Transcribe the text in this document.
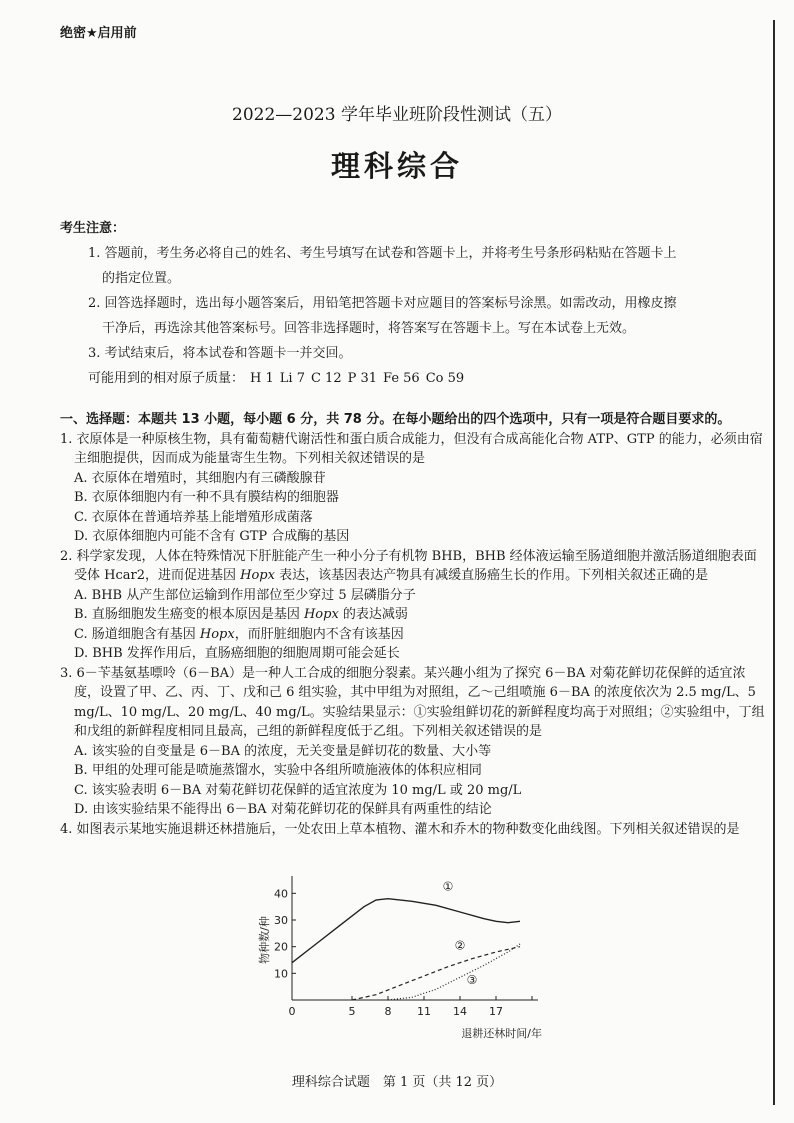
绝密★启用前
2022—2023 学年毕业班阶段性测试（五）
理科综合
考生注意：
1. 答题前，考生务必将自己的姓名、考生号填写在试卷和答题卡上，并将考生号条形码粘贴在答题卡上
的指定位置。
2. 回答选择题时，选出每小题答案后，用铅笔把答题卡对应题目的答案标号涂黑。如需改动，用橡皮擦
干净后，再选涂其他答案标号。回答非选择题时，将答案写在答题卡上。写在本试卷上无效。
3. 考试结束后，将本试卷和答题卡一并交回。
可能用到的相对原子质量： H 1 Li 7 C 12 P 31 Fe 56 Co 59
一、选择题：本题共 13 小题，每小题 6 分，共 78 分。在每小题给出的四个选项中，只有一项是符合题目要求的。
1. 衣原体是一种原核生物，具有葡萄糖代谢活性和蛋白质合成能力，但没有合成高能化合物 ATP、GTP 的能力，必须由宿主细胞提供，因而成为能量寄生生物。下列相关叙述错误的是
A. 衣原体在增殖时，其细胞内有三磷酸腺苷
B. 衣原体细胞内有一种不具有膜结构的细胞器
C. 衣原体在普通培养基上能增殖形成菌落
D. 衣原体细胞内可能不含有 GTP 合成酶的基因
2. 科学家发现，人体在特殊情况下肝脏能产生一种小分子有机物 BHB，BHB 经体液运输至肠道细胞并激活肠道细胞表面受体 Hcar2，进而促进基因 Hopx 表达，该基因表达产物具有减缓直肠癌生长的作用。下列相关叙述正确的是
A. BHB 从产生部位运输到作用部位至少穿过 5 层磷脂分子
B. 直肠细胞发生癌变的根本原因是基因 Hopx 的表达减弱
C. 肠道细胞含有基因 Hopx，而肝脏细胞内不含有该基因
D. BHB 发挥作用后，直肠癌细胞的细胞周期可能会延长
3. 6－苄基氨基嘌呤（6－BA）是一种人工合成的细胞分裂素。某兴趣小组为了探究 6－BA 对菊花鲜切花保鲜的适宜浓度，设置了甲、乙、丙、丁、戊和己 6 组实验，其中甲组为对照组，乙～己组喷施 6－BA 的浓度依次为 2.5 mg/L、5 mg/L、10 mg/L、20 mg/L、40 mg/L。实验结果显示：①实验组鲜切花的新鲜程度均高于对照组；②实验组中，丁组和戊组的新鲜程度相同且最高，己组的新鲜程度低于乙组。下列相关叙述错误的是
A. 该实验的自变量是 6－BA 的浓度，无关变量是鲜切花的数量、大小等
B. 甲组的处理可能是喷施蒸馏水，实验中各组所喷施液体的体积应相同
C. 该实验表明 6－BA 对菊花鲜切花保鲜的适宜浓度为 10 mg/L 或 20 mg/L
D. 由该实验结果不能得出 6－BA 对菊花鲜切花的保鲜具有两重性的结论
4. 如图表示某地实施退耕还林措施后，一处农田上草本植物、灌木和乔木的物种数变化曲线图。下列相关叙述错误的是
10
20
30
40
0	5	8 11 14 17
物种数/种
退耕还林时间/年
①
③
②
理科综合试题　第 1 页（共 12 页）
